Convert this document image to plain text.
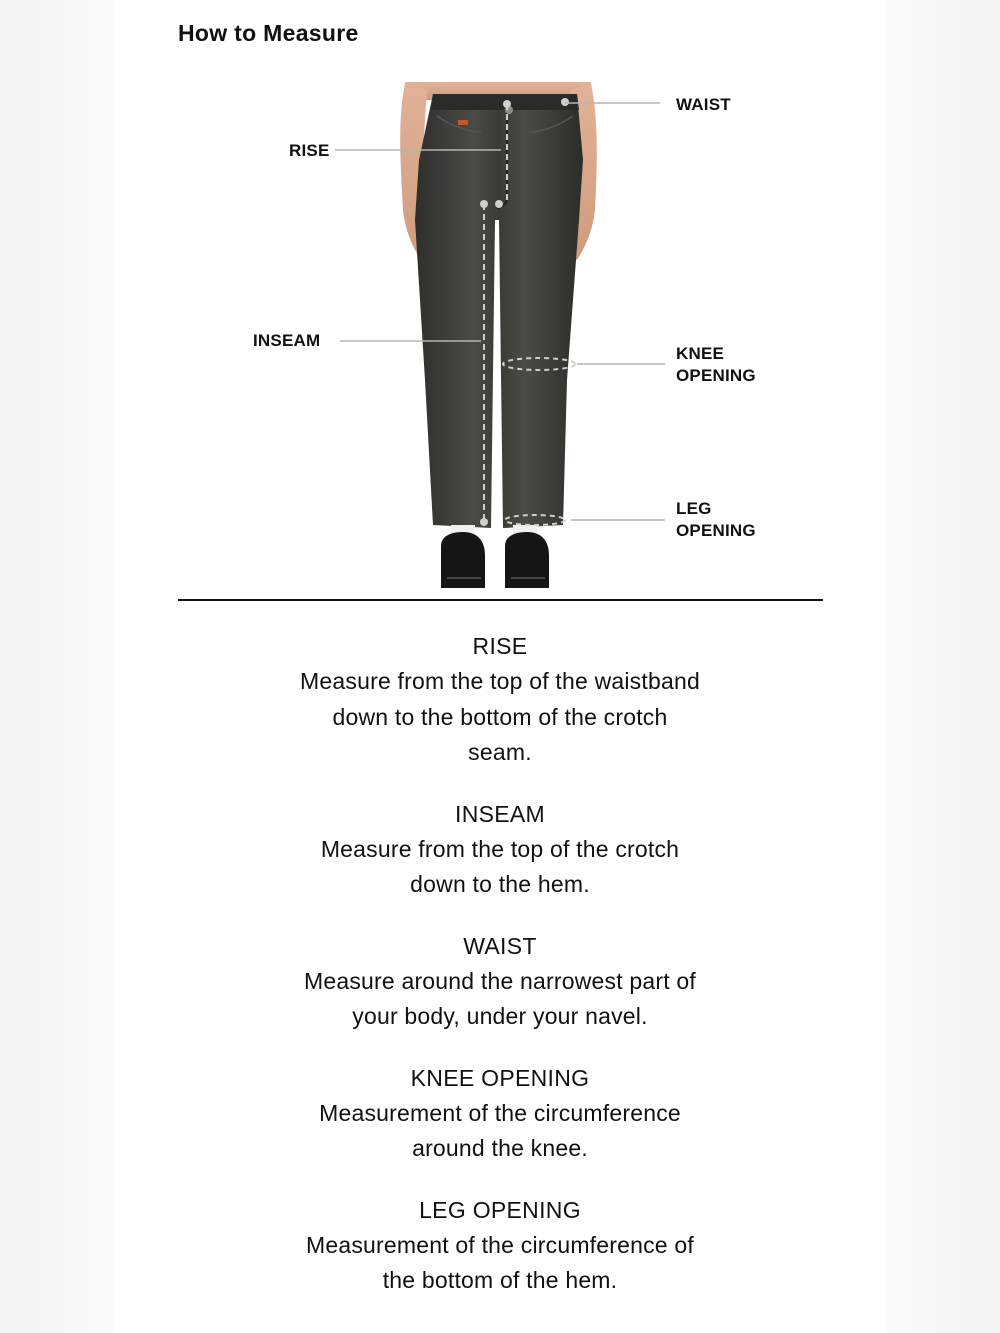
How to Measure
WAIST
RISE
INSEAM
KNEE
OPENING
LEG
OPENING
RISE
Measure from the top of the waistband
down to the bottom of the crotch
seam.
INSEAM
Measure from the top of the crotch
down to the hem.
WAIST
Measure around the narrowest part of
your body, under your navel.
KNEE OPENING
Measurement of the circumference
around the knee.
LEG OPENING
Measurement of the circumference of
the bottom of the hem.
